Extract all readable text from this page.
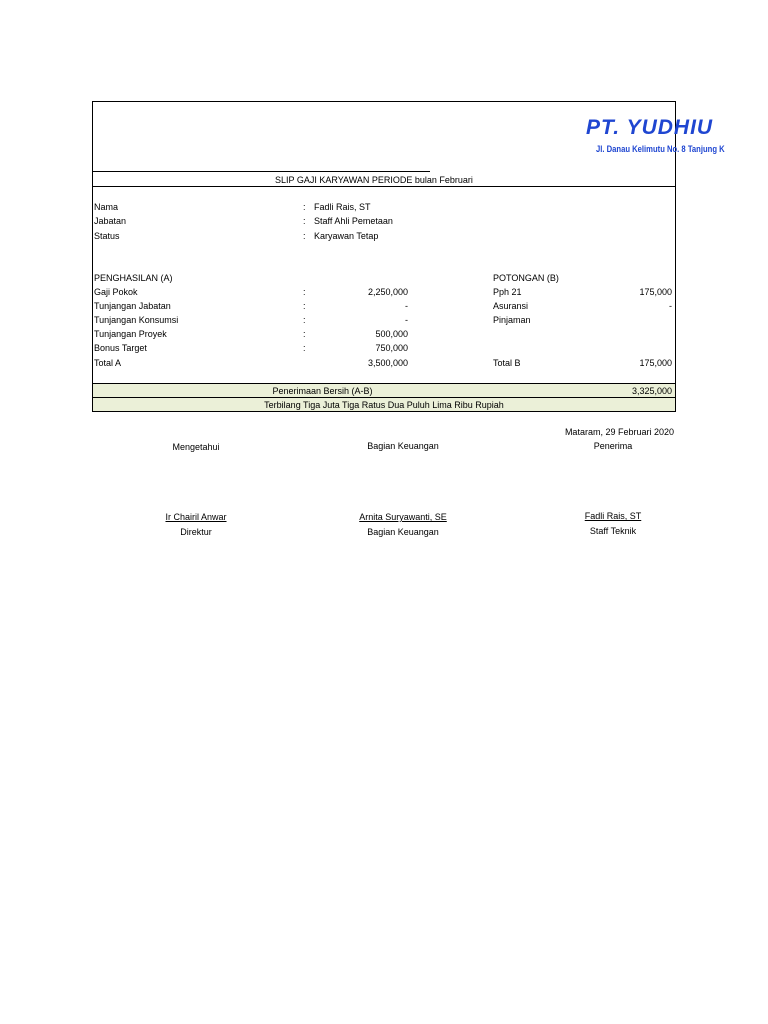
PT. YUDHIU
Jl. Danau Kelimutu No. 8 Tanjung K
SLIP GAJI KARYAWAN PERIODE bulan Februari
Nama	: Fadli Rais, ST
Jabatan	: Staff Ahli Pemetaan
Status	: Karyawan Tetap
PENGHASILAN (A)
Gaji Pokok	:	2,250,000
Tunjangan Jabatan	:	-
Tunjangan Konsumsi	:	-
Tunjangan Proyek	:	500,000
Bonus Target	:	750,000
Total A	3,500,000
POTONGAN (B)
Pph 21	175,000
Asuransi	-
Pinjaman
Total B	175,000
Penerimaan Bersih (A-B)	3,325,000
Terbilang Tiga Juta Tiga Ratus Dua Puluh Lima Ribu Rupiah
Mataram, 29 Februari 2020
Mengetahui	Bagian Keuangan	Penerima
Ir Chairil Anwar	Arnita Suryawanti, SE	Fadli Rais, ST
Direktur	Bagian Keuangan	Staff Teknik
